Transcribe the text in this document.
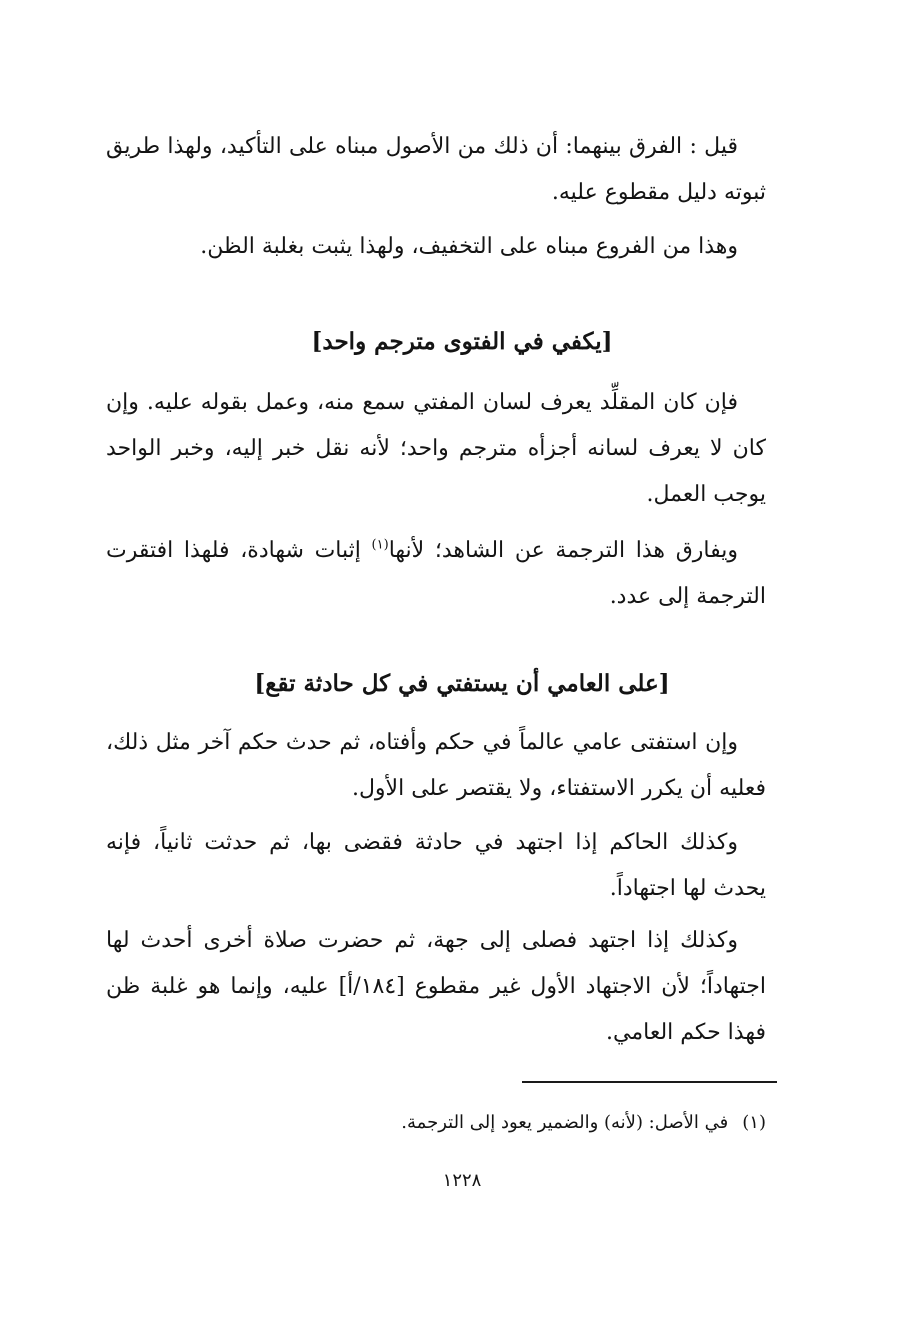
قيل : الفرق بينهما: أن ذلك من الأصول مبناه على التأكيد، ولهذا طريق ثبوته دليل مقطوع عليه.
وهذا من الفروع مبناه على التخفيف، ولهذا يثبت بغلبة الظن.
[يكفي في الفتوى مترجم واحد]
فإن كان المقلِّد يعرف لسان المفتي سمع منه، وعمل بقوله عليه. وإن كان لا يعرف لسانه أجزأه مترجم واحد؛ لأنه نقل خبر إليه، وخبر الواحد يوجب العمل.
ويفارق هذا الترجمة عن الشاهد؛ لأنها$^{(١)}$ إثبات شهادة، فلهذا افتقرت الترجمة إلى عدد.
[على العامي أن يستفتي في كل حادثة تقع]
وإن استفتى عامي عالماً في حكم وأفتاه، ثم حدث حكم آخر مثل ذلك، فعليه أن يكرر الاستفتاء، ولا يقتصر على الأول.
وكذلك الحاكم إذا اجتهد في حادثة فقضى بها، ثم حدثت ثانياً، فإنه يحدث لها اجتهاداً.
وكذلك إذا اجتهد فصلى إلى جهة، ثم حضرت صلاة أخرى أحدث لها اجتهاداً؛ لأن الاجتهاد الأول غير مقطوع [١٨٤/أ] عليه، وإنما هو غلبة ظن فهذا حكم العامي.
(١)في الأصل: (لأنه) والضمير يعود إلى الترجمة.
١٢٢٨
